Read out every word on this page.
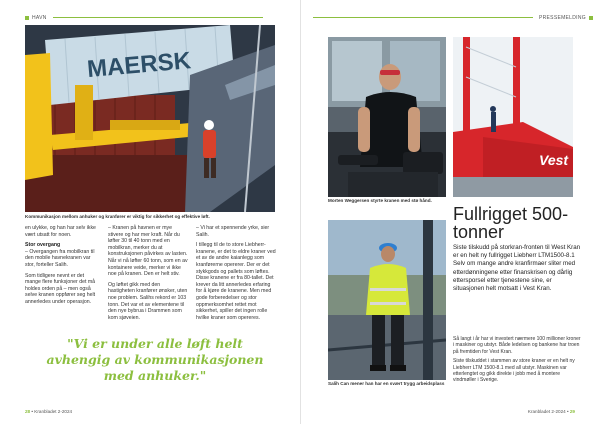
HAVN
MAERSK
Kommunikasjon mellom anhuker og kranfører er viktig for sikkerhet og effektive løft.

en ulykke, og han har selv ikke vært utsatt for noen.

Stor overgang

– Overgangen fra mobilkran til den mobile havnekranen var stor, forteller Salih.

Som tidligere nevnt er det mange flere funksjoner det må holdes orden på – men også selve kranen oppfører seg helt annerledes under operasjon.

– Kranen på havnen er mye stivere og har mer kraft. Når du løfter 30 til 40 tonn med en mobilkran, merker du at konstruksjonen påvirkes av lasten. Når vi nå løfter 60 tonn, som en av kontainere veide, merker vi ikke noe på kranen. Den er helt stiv.

Og løftet gikk med den hastigheten kranfører ønsker, uten noe problem. Salihs rekord er 103 tonn. Det var et av elementene til den nye bybrua i Drammen som kom sjøveien.

– Vi har et spennende yrke, sier Salih.

I tillegg til de to store Liebherr-kranene, er det to eldre kraner ved et av de andre kaianlegg som kranførerne opererer. Der er det stykkgods og pallets som løftes. Disse kranene er fra 80-tallet. Det krever da litt annerledes erfaring for å kjøre de kranene. Men med gode forberedelser og stor oppmerksomhet rettet mot sikkerhet, spiller det ingen rolle hvilke kraner som opereres.

"Vi er under alle løft helt avhengig av kommunikasjonen med anhuker."
28 • Kranbladet 2-2024
PRESSEMELDING
Morten Weggersen styrte kranen med stø hånd.
Vest
Salih Can mener han har en svært trygg arbeidsplass
Fullrigget 500-tonner
Siste tilskudd på storkran-fronten til West Kran er en helt ny fullrigget Liebherr LTM1500-8.1 Selv om mange andre kranfirmaer sliter med etterdønningene etter finanskrisen og dårlig ettersporsel etter tjenestene sine, er situasjonen helt motsatt i Vest Kran.

Så langt i år har vi investert nærmere 100 millioner kroner i maskiner og utstyr. Både ledelsen og bankene har troen på fremtiden for Vest Kran.

Siste tilskuddet i stammen av store kraner er en helt ny Liebherr LTM 1500-8.1 med all utstyr. Maskinen var etterlengtet og gikk direkte i jobb med å montere vindmøller i Sverige.

Kranbladet 2-2024 • 29
